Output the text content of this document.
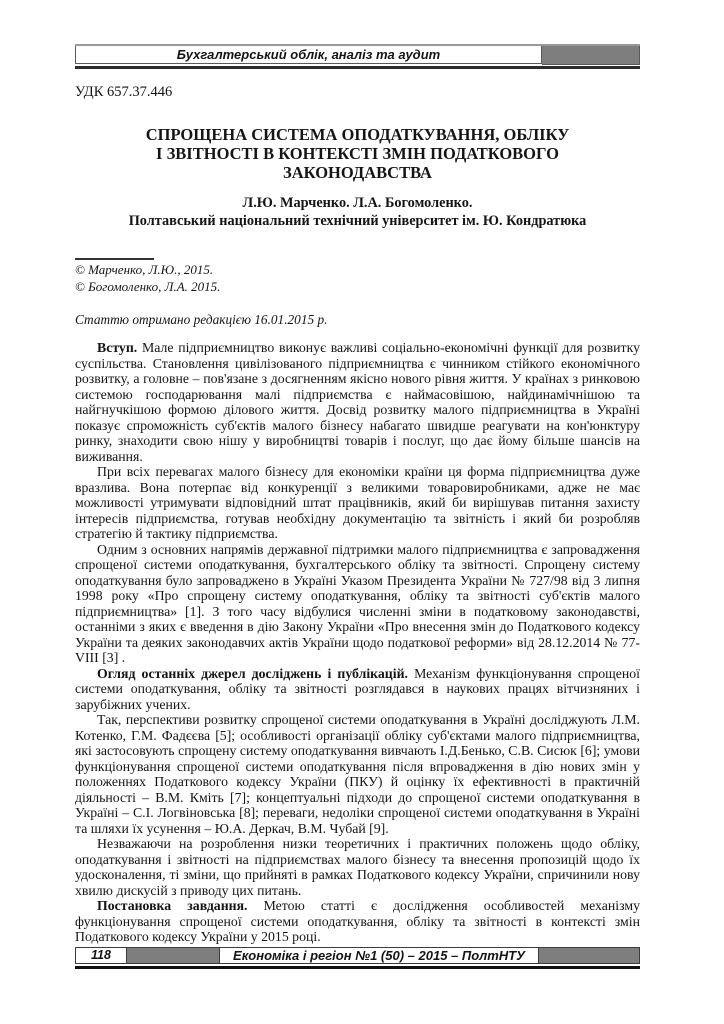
Бухгалтерський облік, аналіз та аудит
УДК 657.37.446
СПРОЩЕНА СИСТЕМА ОПОДАТКУВАННЯ, ОБЛІКУ
І ЗВІТНОСТІ В КОНТЕКСТІ ЗМІН ПОДАТКОВОГО
ЗАКОНОДАВСТВА
Л.Ю. Марченко. Л.А. Богомоленко.
Полтавський національний технічний університет ім. Ю. Кондратюка
© Марченко, Л.Ю., 2015.
© Богомоленко, Л.А. 2015.
Статтю отримано редакцією 16.01.2015 р.

Вступ. Мале підприємництво виконує важливі соціально-економічні функції для розвитку суспільства. Становлення цивілізованого підприємництва є чинником стійкого економічного розвитку, а головне – пов'язане з досягненням якісно нового рівня життя. У країнах з ринковою системою господарювання малі підприємства є наймасовішою, найдинамічнішою та найгнучкішою формою ділового життя. Досвід розвитку малого підприємництва в Україні показує спроможність суб'єктів малого бізнесу набагато швидше реагувати на кон'юнктуру ринку, знаходити свою нішу у виробництві товарів і послуг, що дає йому більше шансів на виживання.

При всіх перевагах малого бізнесу для економіки країни ця форма підприємництва дуже вразлива. Вона потерпає від конкуренції з великими товаровиробниками, адже не має можливості утримувати відповідний штат працівників, який би вирішував питання захисту інтересів підприємства, готував необхідну документацію та звітність і який би розробляв стратегію й тактику підприємства.

Одним з основних напрямів державної підтримки малого підприємництва є запровадження спрощеної системи оподаткування, бухгалтерського обліку та звітності. Спрощену систему оподаткування було запроваджено в Україні Указом Президента України № 727/98 від 3 липня 1998 року «Про спрощену систему оподаткування, обліку та звітності суб'єктів малого підприємництва» [1]. З того часу відбулися численні зміни в податковому законодавстві, останніми з яких є введення в дію Закону України «Про внесення змін до Податкового кодексу України та деяких законодавчих актів України щодо податкової реформи» від 28.12.2014 № 77-VIII [3] .

Огляд останніх джерел досліджень і публікацій. Механізм функціонування спрощеної системи оподаткування, обліку та звітності розглядався в наукових працях вітчизняних і зарубіжних учених.

Так, перспективи розвитку спрощеної системи оподаткування в Україні досліджують Л.М. Котенко, Г.М. Фадєєва [5]; особливості організації обліку суб'єктами малого підприємництва, які застосовують спрощену систему оподаткування вивчають І.Д.Бенько, С.В. Сисюк [6]; умови функціонування спрощеної системи оподаткування після впровадження в дію нових змін у положеннях Податкового кодексу України (ПКУ) й оцінку їх ефективності в практичній діяльності – В.М. Кміть [7]; концептуальні підходи до спрощеної системи оподаткування в Україні – С.І. Логвіновська [8]; переваги, недоліки спрощеної системи оподаткування в Україні та шляхи їх усунення – Ю.А. Деркач, В.М. Чубай [9].

Незважаючи на розроблення низки теоретичних і практичних положень щодо обліку, оподаткування і звітності на підприємствах малого бізнесу та внесення пропозицій щодо їх удосконалення, ті зміни, що прийняті в рамках Податкового кодексу України, спричинили нову хвилю дискусій з приводу цих питань.

Постановка завдання. Метою статті є дослідження особливостей механізму функціонування спрощеної системи оподаткування, обліку та звітності в контексті змін Податкового кодексу України у 2015 році.

118	Економіка і регіон №1 (50) – 2015 – ПолтНТУ
